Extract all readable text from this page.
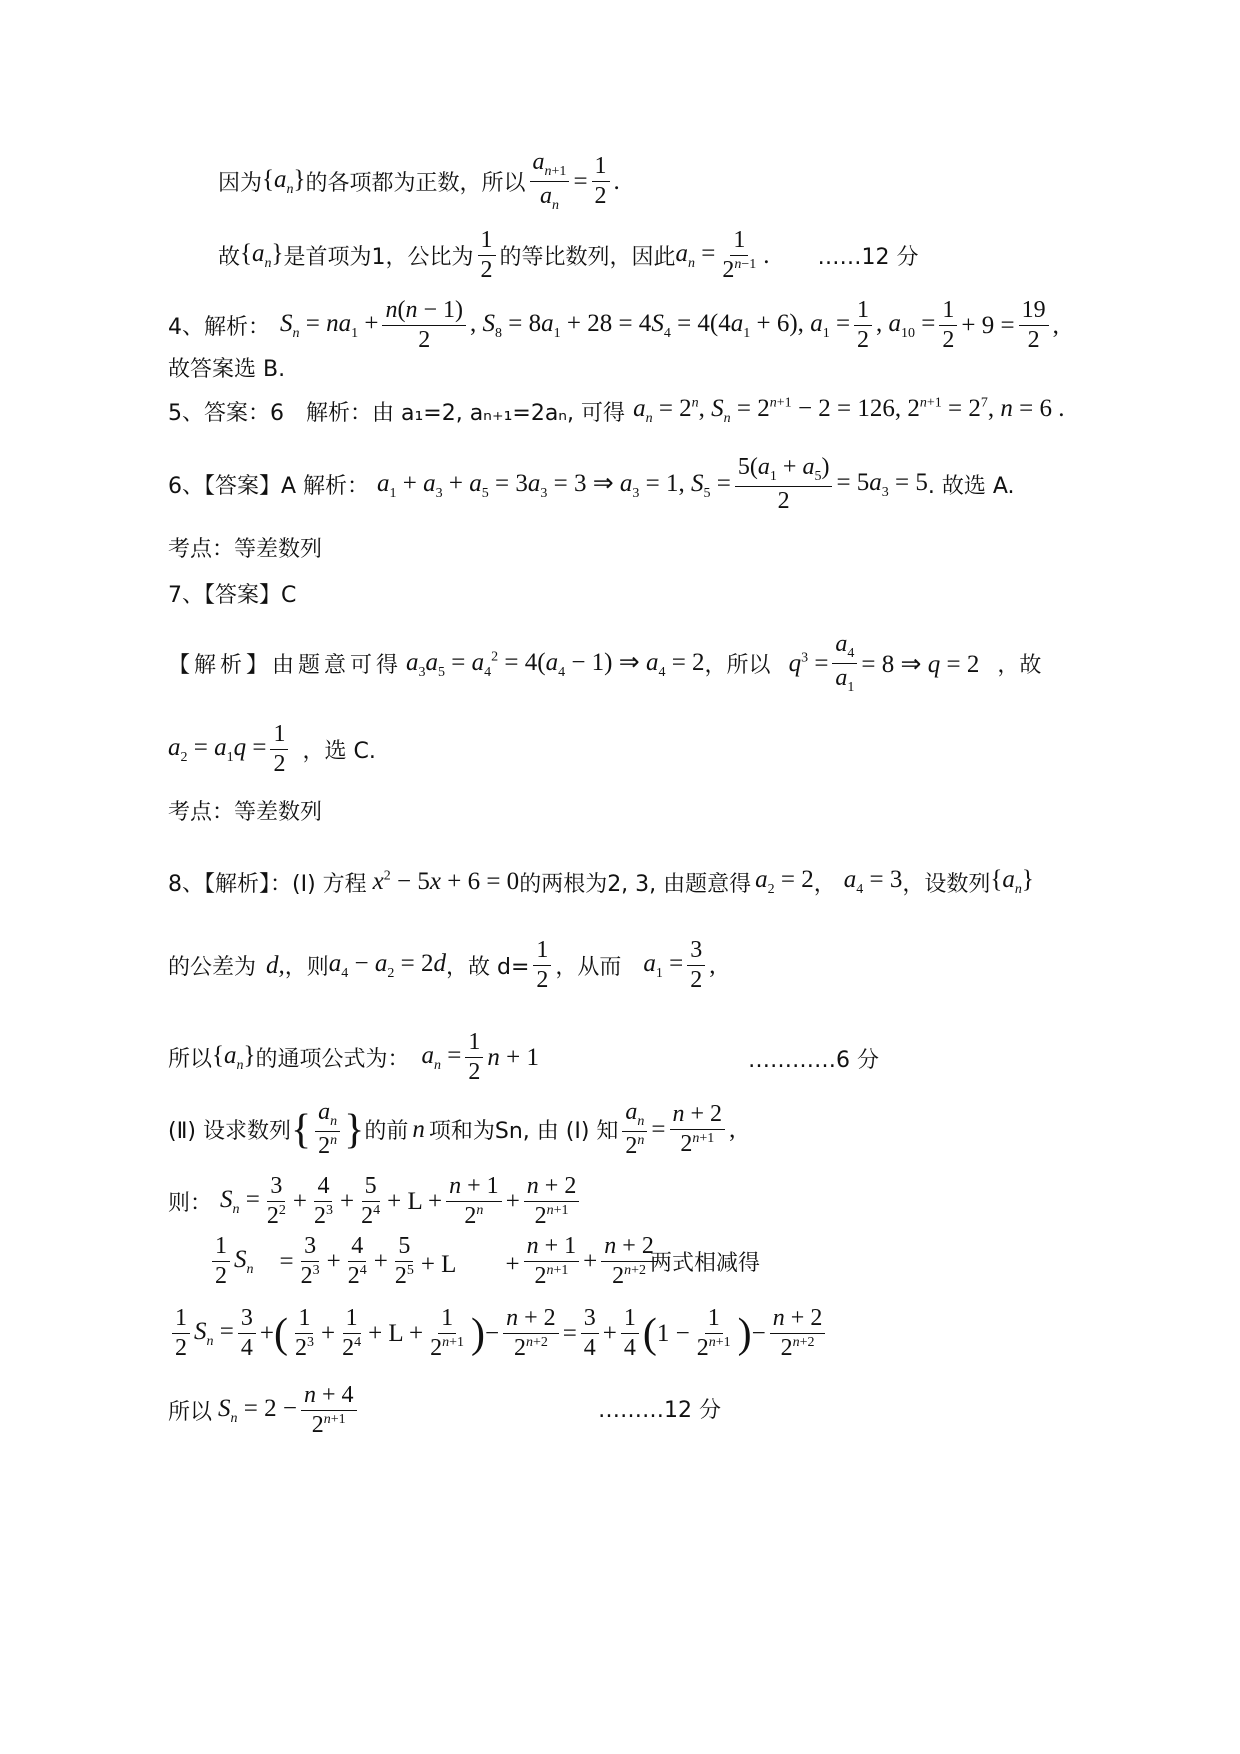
因为 $\{a_n\}$ 的各项都为正数，所以 $\frac{a_{n+1}}{a_n} = \frac{1}{2}$ .
故 $\{a_n\}$ 是首项为1，公比为 $\frac{1}{2}$ 的等比数列，因此 $a_n = \frac{1}{2^{n-1}}$ . ……12 分
4、解析： $S_n = na_1 + \frac{n(n - 1)}{2}$ , $S_8 = 8a_1 + 28 = 4S_4 = 4(4a_1 + 6)$, $a_1 = \frac{1}{2}$ , $a_{10} = \frac{1}{2} + 9 = \frac{19}{2}$ ,
故答案选 B.
5、答案：6　解析：由 a₁=2, aₙ₊₁=2aₙ, 可得 $a_n = 2^n$, $S_n = 2^{n+1} - 2 = 126$, $2^{n+1} = 2^7$, n = 6 .
6、【答案】A 解析： $a_1 + a_3 + a_5 = 3a_3 = 3$ ⇒ $a_3 = 1$, $S_5 = \frac{5(a_1 + a_5)}{2} = 5a_3 = 5$ . 故选 A.
考点：等差数列
7、【答案】C
【解析】由题意可得 $a_3a_5 = a_4^2 = 4(a_4 - 1)$ ⇒ $a_4 = 2$ ，所以 $q^3 = \frac{a_4}{a_1} = 8$ ⇒ q = 2 ，故
$a_2 = a_1q = \frac{1}{2}$ ，选 C.
考点：等差数列
8、【解析】：(I) 方程 $x^2 - 5x + 6 = 0$ 的两根为2, 3, 由题意得 $a_2 = 2$ ， $a_4 = 3$ ，设数列 $\{a_n\}$
的公差为 d, ，则 $a_4 - a_2 = 2d$ ，故 $d= \frac{1}{2}$ ，从而 $a_1 = \frac{3}{2}$ ,
所以 $\{a_n\}$ 的通项公式为： $a_n = \frac{1}{2}$ n + 1	…………6 分
(Ⅱ) 设求数列 { $\frac{a_n}{2^n}$ } 的前 n 项和为Sn, 由 (Ⅰ) 知 $\frac{a_n}{2^n} = \frac{n + 2}{2^{n+1}}$ ,
则： $S_n = \frac{3}{2^2} + \frac{4}{2^3} + \frac{5}{2^4} + L + \frac{n + 1}{2^n} + \frac{n + 2}{2^{n+1}}$
$\frac{1}{2} S_n = \frac{3}{2^3} + \frac{4}{2^4} + \frac{5}{2^5} + L$　　+ $\frac{n + 1}{2^{n+1}} + \frac{n + 2}{2^{n+2}}$
两式相减得
$\frac{1}{2} S_n = \frac{3}{4}$ + ( $\frac{1}{2^3} + \frac{1}{2^4} + L + \frac{1}{2^{n+1}}$ ) − $\frac{n + 2}{2^{n+2}} = \frac{3}{4} + \frac{1}{4}$ ( $1 - \frac{1}{2^{n+1}}$ ) − $\frac{n + 2}{2^{n+2}}$
所以 $S_n = 2 - \frac{n + 4}{2^{n+1}}$	………12 分
